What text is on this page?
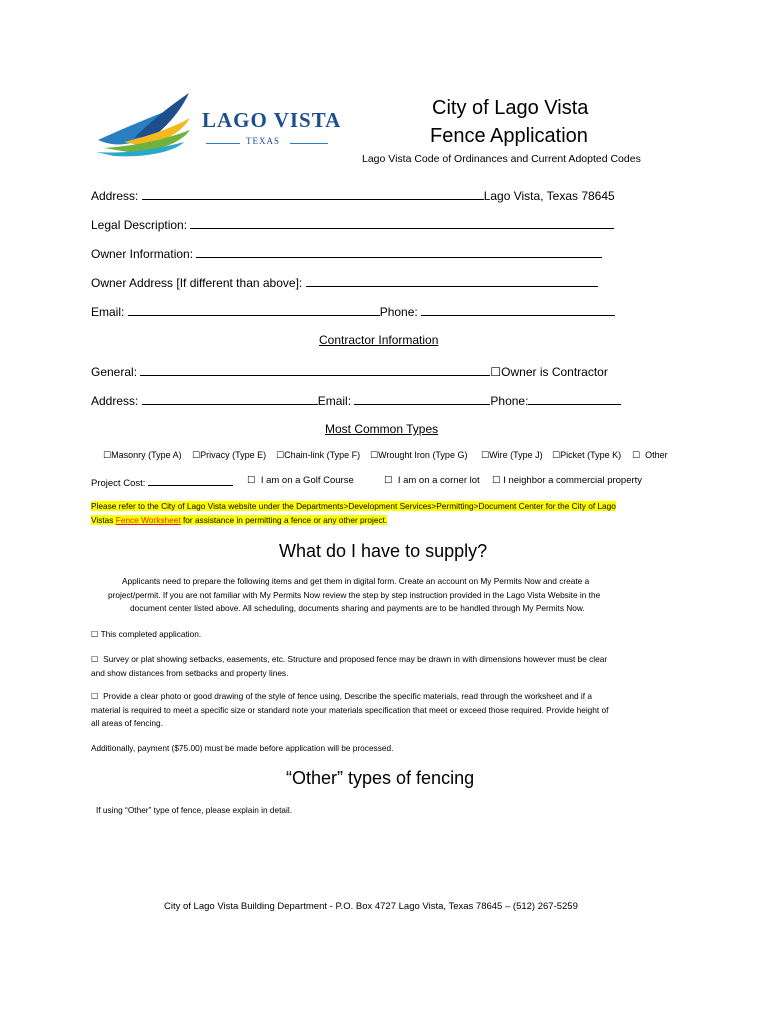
LAGO VISTA
TEXAS
City of Lago Vista
Fence Application
Lago Vista Code of Ordinances and Current Adopted Codes
Address:	Lago Vista, Texas 78645
Legal Description:
Owner Information:
Owner Address [If different than above]:
Email:	Phone:
Contractor Information
General:	☐Owner is Contractor
Address:	Email:	Phone:
Most Common Types
☐Masonry (Type A) ☐Privacy (Type E) ☐Chain-link (Type F) ☐Wrought Iron (Type G) ☐Wire (Type J) ☐Picket (Type K) ☐ Other
Project Cost:	☐ I am on a Golf Course	☐ I am on a corner lot ☐ I neighbor a commercial property
Please refer to the City of Lago Vista website under the Departments>Development Services>Permitting>Document Center for the City of Lago
Vistas Fence Worksheet for assistance in permitting a fence or any other project.
What do I have to supply?
Applicants need to prepare the following items and get them in digital form. Create an account on My Permits Now and create a
project/permit. If you are not familiar with My Permits Now review the step by step instruction provided in the Lago Vista Website in the
document center listed above. All scheduling, documents sharing and payments are to be handled through My Permits Now.
☐ This completed application.
☐ Survey or plat showing setbacks, easements, etc. Structure and proposed fence may be drawn in with dimensions however must be clear
and show distances from setbacks and property lines.
☐ Provide a clear photo or good drawing of the style of fence using, Describe the specific materials, read through the worksheet and if a
material is required to meet a specific size or standard note your materials specification that meet or exceed those required. Provide height of
all areas of fencing.
Additionally, payment ($75.00) must be made before application will be processed.
“Other” types of fencing
If using “Other” type of fence, please explain in detail.
City of Lago Vista Building Department - P.O. Box 4727 Lago Vista, Texas 78645 – (512) 267-5259
